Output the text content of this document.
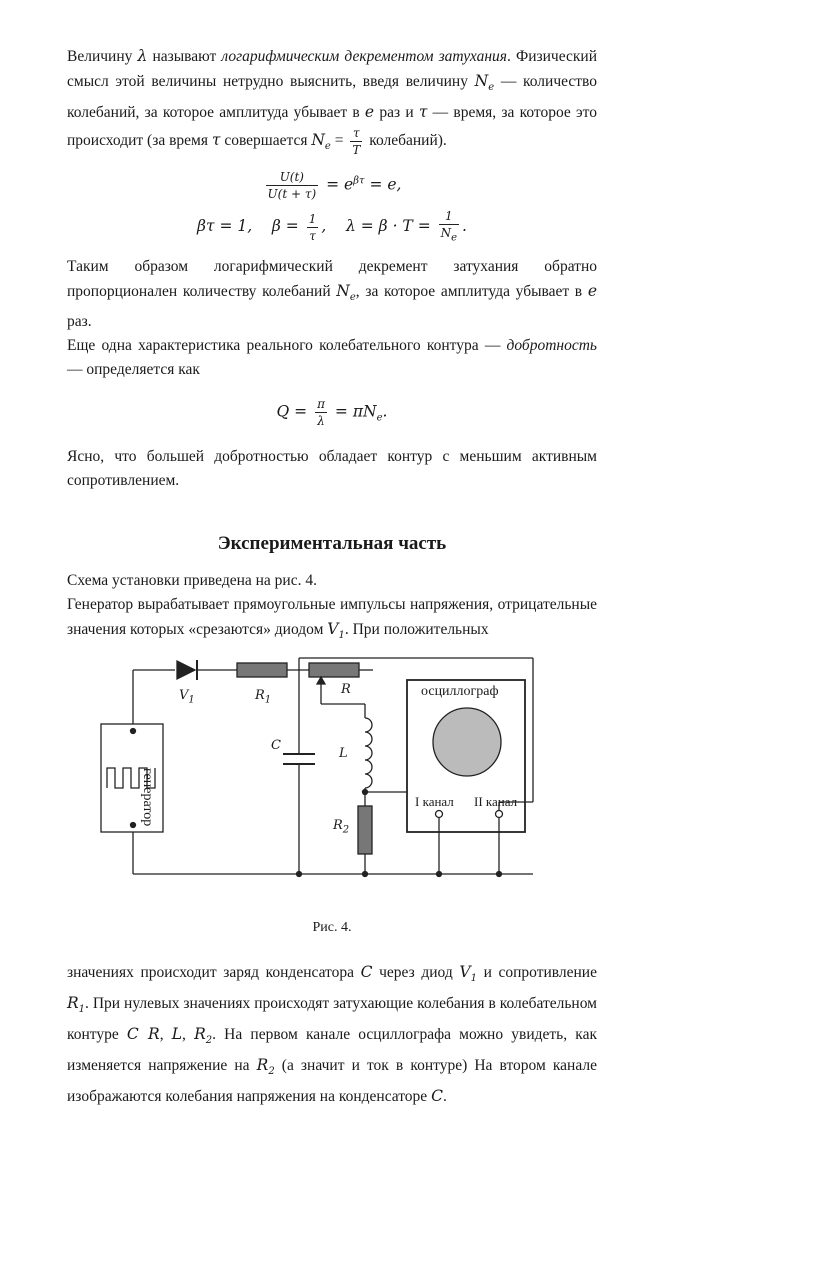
Величину λ называют логарифмическим декрементом затухания. Физический смысл этой величины нетрудно выяснить, введя величину $N_e$ — количество колебаний, за которое амплитуда убывает в e раз и τ — время, за которое это происходит (за время τ совершается $N_e = \frac{\tau}{T}$ колебаний).

$\frac{U(t)}{U(t + \tau)} = e^{\beta\tau} = e$,
βτ = 1, $\beta = \frac{1}{\tau}$ , $\lambda = \beta \cdot T = \frac{1}{N_e}$ .

Таким образом логарифмический декремент затухания обратно пропорционален количеству колебаний $N_e$, за которое амплитуда убывает в e раз.

Еще одна характеристика реального колебательного контура — добротность — определяется как

$Q = \frac{\pi}{\lambda} = \pi N_e$.

Ясно, что большей добротностью обладает контур с меньшим активным сопротивлением.

Экспериментальная часть

Схема установки приведена на рис. 4.

Генератор вырабатывает прямоугольные импульсы напряжения, отрицательные значения которых «срезаются» диодом $V_1$. При положительных

$V_1$	$R_1$
R
C
L
$R_2$
генератор
осциллограф
I канал II канал
Рис. 4.

значениях происходит заряд конденсатора C через диод $V_1$ и сопротивление $R_1$. При нулевых значениях происходят затухающие колебания в колебательном контуре C R, L, $R_2$. На первом канале осциллографа можно увидеть, как изменяется напряжение на $R_2$ (а значит и ток в контуре) На втором канале изображаются колебания напряжения на конденсаторе C.
